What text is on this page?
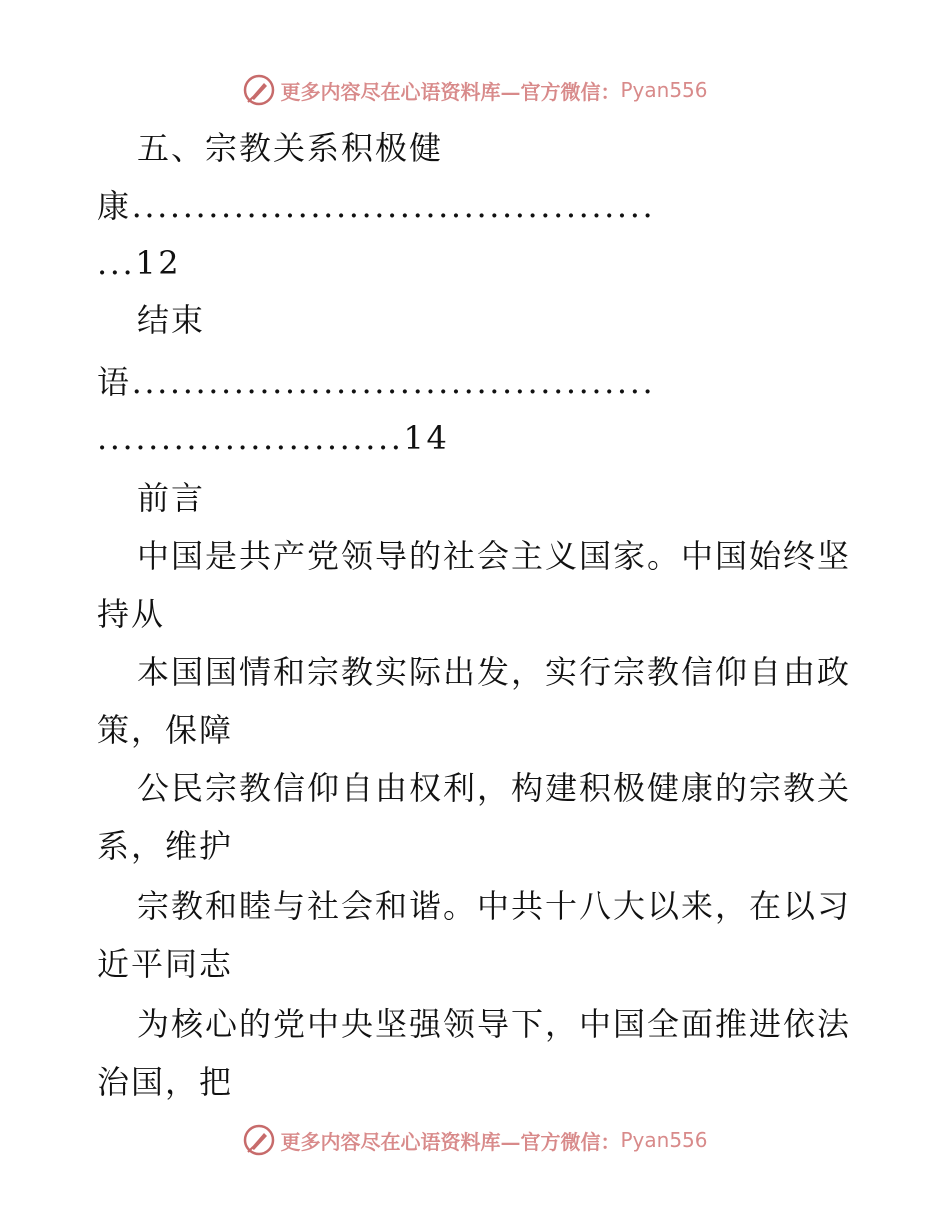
更多内容尽在心语资料库—官方微信： Pyan556
五、宗教关系积极健
康.........................................
...12
结束
语.........................................
........................14
前言
中国是共产党领导的社会主义国家。中国始终坚
持从
本国国情和宗教实际出发，实行宗教信仰自由政
策，保障
公民宗教信仰自由权利，构建积极健康的宗教关
系，维护
宗教和睦与社会和谐。中共十八大以来，在以习
近平同志
为核心的党中央坚强领导下，中国全面推进依法
治国，把
更多内容尽在心语资料库—官方微信： Pyan556
